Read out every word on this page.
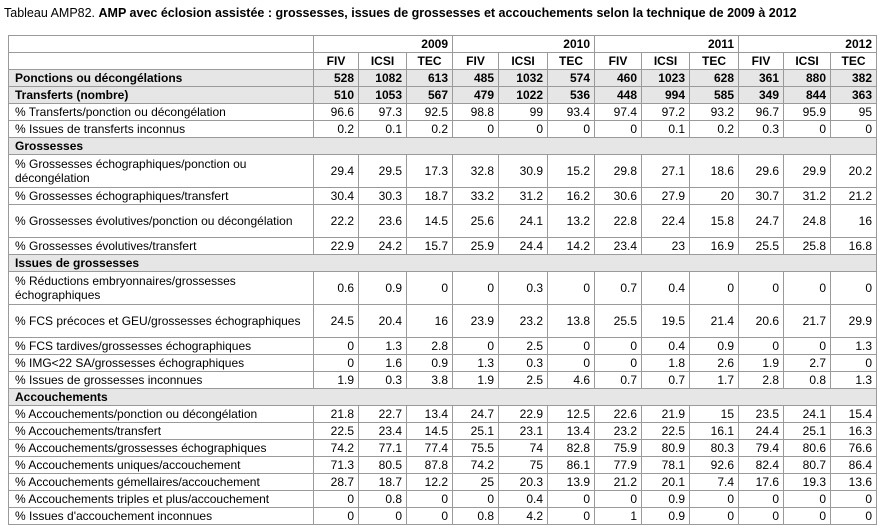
Tableau AMP82. AMP avec éclosion assistée : grossesses, issues de grossesses et accouchements selon la technique de 2009 à 2012
	2009			2010			2011			2012		
	FIV	ICSI	TEC	FIV	ICSI	TEC	FIV	ICSI	TEC	FIV	ICSI	TEC
Ponctions ou décongélations	528	1082	613	485	1032	574	460	1023	628	361	880	382
Transferts (nombre)	510	1053	567	479	1022	536	448	994	585	349	844	363
% Transferts/ponction ou décongélation	96.6	97.3	92.5	98.8	99	93.4	97.4	97.2	93.2	96.7	95.9	95
% Issues de transferts inconnus	0.2	0.1	0.2	0	0	0	0	0.1	0.2	0.3	0	0
Grossesses												
% Grossesses échographiques/ponction ou décongélation	29.4	29.5	17.3	32.8	30.9	15.2	29.8	27.1	18.6	29.6	29.9	20.2
% Grossesses échographiques/transfert	30.4	30.3	18.7	33.2	31.2	16.2	30.6	27.9	20	30.7	31.2	21.2
% Grossesses évolutives/ponction ou décongélation	22.2	23.6	14.5	25.6	24.1	13.2	22.8	22.4	15.8	24.7	24.8	16
% Grossesses évolutives/transfert	22.9	24.2	15.7	25.9	24.4	14.2	23.4	23	16.9	25.5	25.8	16.8
Issues de grossesses												
% Réductions embryonnaires/grossesses échographiques	0.6	0.9	0	0	0.3	0	0.7	0.4	0	0	0	0
% FCS précoces et GEU/grossesses échographiques	24.5	20.4	16	23.9	23.2	13.8	25.5	19.5	21.4	20.6	21.7	29.9
% FCS tardives/grossesses échographiques	0	1.3	2.8	0	2.5	0	0	0.4	0.9	0	0	1.3
% IMG<22 SA/grossesses échographiques	0	1.6	0.9	1.3	0.3	0	0	1.8	2.6	1.9	2.7	0
% Issues de grossesses inconnues	1.9	0.3	3.8	1.9	2.5	4.6	0.7	0.7	1.7	2.8	0.8	1.3
Accouchements												
% Accouchements/ponction ou décongélation	21.8	22.7	13.4	24.7	22.9	12.5	22.6	21.9	15	23.5	24.1	15.4
% Accouchements/transfert	22.5	23.4	14.5	25.1	23.1	13.4	23.2	22.5	16.1	24.4	25.1	16.3
% Accouchements/grossesses échographiques	74.2	77.1	77.4	75.5	74	82.8	75.9	80.9	80.3	79.4	80.6	76.6
% Accouchements uniques/accouchement	71.3	80.5	87.8	74.2	75	86.1	77.9	78.1	92.6	82.4	80.7	86.4
% Accouchements gémellaires/accouchement	28.7	18.7	12.2	25	20.3	13.9	21.2	20.1	7.4	17.6	19.3	13.6
% Accouchements triples et plus/accouchement	0	0.8	0	0	0.4	0	0	0.9	0	0	0	0
% Issues d'accouchement inconnues	0	0	0	0.8	4.2	0	1	0.9	0	0	0	0
